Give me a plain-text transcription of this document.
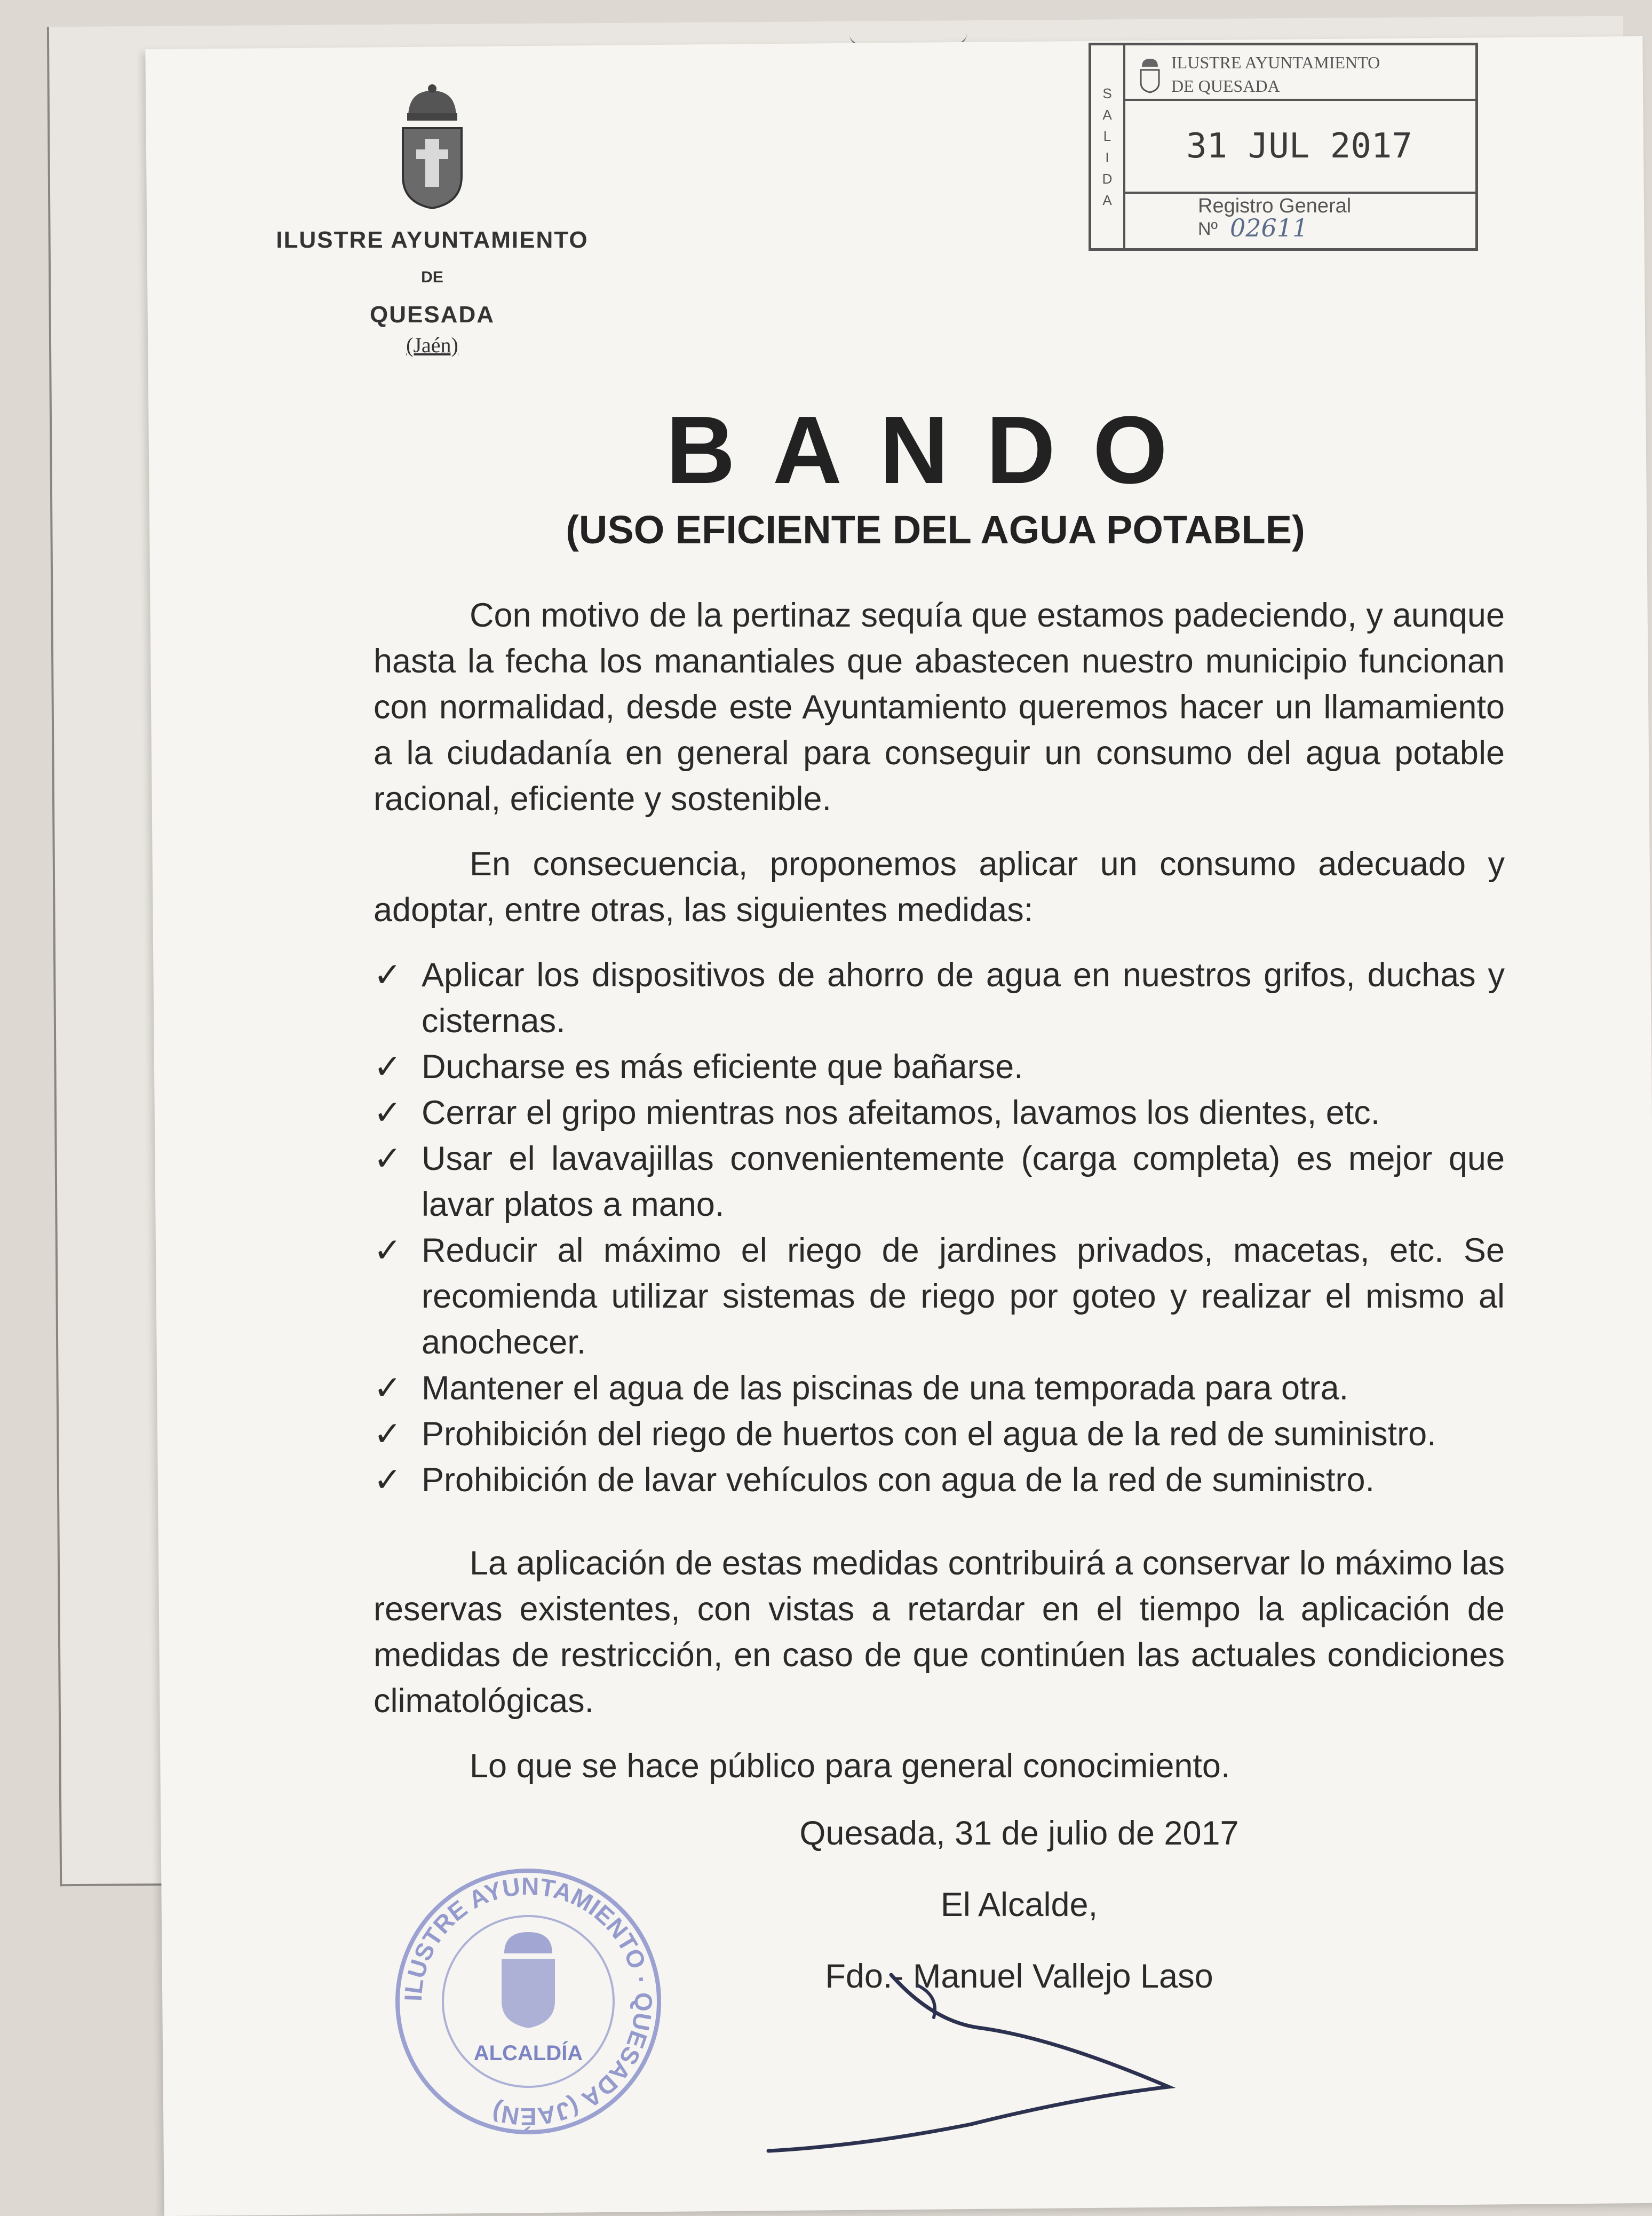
ILUSTRE AYUNTAMIENTO
DE
QUESADA
(Jaén)
S
A
L
I
D
A
ILUSTRE AYUNTAMIENTO
DE QUESADA
31 JUL 2017
Registro General
Nº 02611
BANDO
(USO EFICIENTE DEL AGUA POTABLE)

Con motivo de la pertinaz sequía que estamos padeciendo, y aunque hasta la fecha los manantiales que abastecen nuestro municipio funcionan con normalidad, desde este Ayuntamiento queremos hacer un llamamiento a la ciudadanía en general para conseguir un consumo del agua potable racional, eficiente y sostenible.

En consecuencia, proponemos aplicar un consumo adecuado y adoptar, entre otras, las siguientes medidas:

✓ Aplicar los dispositivos de ahorro de agua en nuestros grifos, duchas y cisternas.
✓ Ducharse es más eficiente que bañarse.
✓ Cerrar el gripo mientras nos afeitamos, lavamos los dientes, etc.
✓ Usar el lavavajillas convenientemente (carga completa) es mejor que lavar platos a mano.
✓ Reducir al máximo el riego de jardines privados, macetas, etc. Se recomienda utilizar sistemas de riego por goteo y realizar el mismo al anochecer.
✓ Mantener el agua de las piscinas de una temporada para otra.
✓ Prohibición del riego de huertos con el agua de la red de suministro.
✓ Prohibición de lavar vehículos con agua de la red de suministro.

La aplicación de estas medidas contribuirá a conservar lo máximo las reservas existentes, con vistas a retardar en el tiempo la aplicación de medidas de restricción, en caso de que continúen las actuales condiciones climatológicas.

Lo que se hace público para general conocimiento.

Quesada, 31 de julio de 2017
El Alcalde,
Fdo.- Manuel Vallejo Laso
ILUSTRE AYUNTAMIENTO · QUESADA (JAÉN)
ALCALDÍA
